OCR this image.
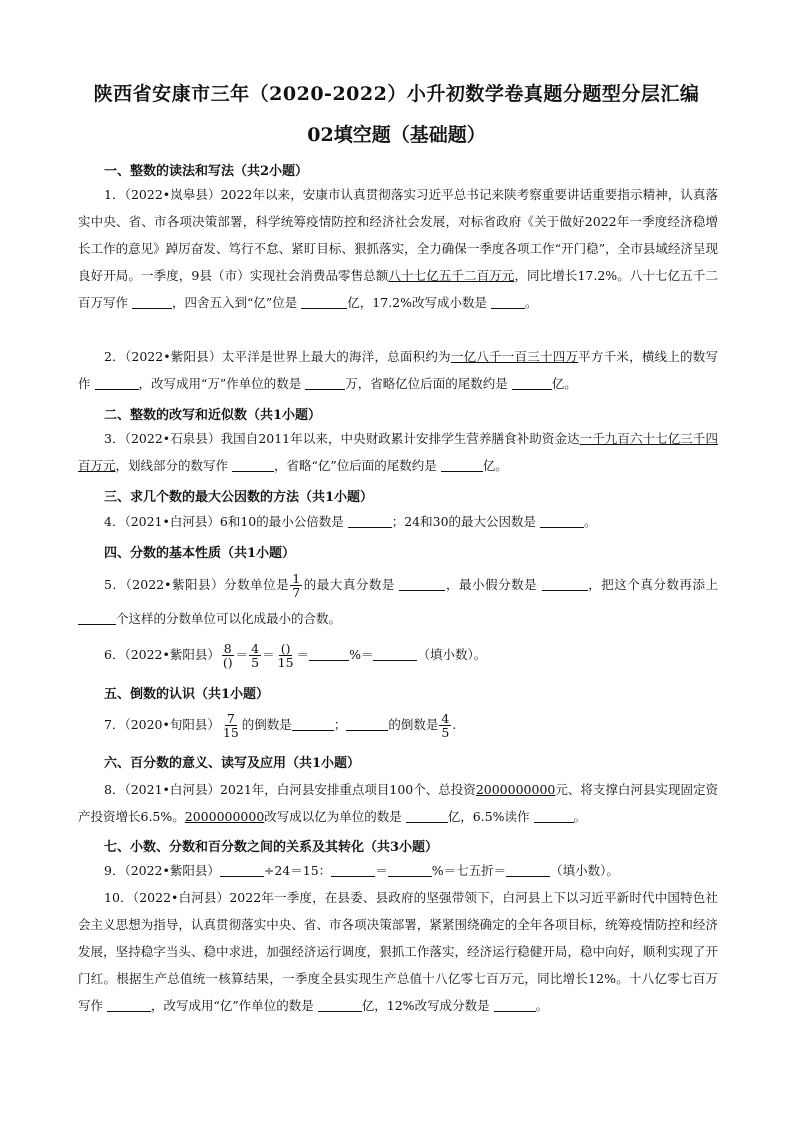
陕西省安康市三年（2020-2022）小升初数学卷真题分题型分层汇编
02填空题（基础题）
一、整数的读法和写法（共2小题）
1．（2022•岚皋县）2022年以来，安康市认真贯彻落实习近平总书记来陕考察重要讲话重要指示精神，认真落实中央、省、市各项决策部署，科学统筹疫情防控和经济社会发展，对标省政府《关于做好2022年一季度经济稳增长工作的意见》踔厉奋发、笃行不怠、紧盯目标、狠抓落实，全力确保一季度各项工作“开门稳”，全市县域经济呈现良好开局。一季度，9县（市）实现社会消费品零售总额八十七亿五千二百万元，同比增长17.2%。八十七亿五千二百万写作	，四舍五入到“亿”位是	亿，17.2%改写成小数是	。
2．（2022•紫阳县）太平洋是世界上最大的海洋，总面积约为一亿八千一百三十四万平方千米，横线上的数写作	，改写成用“万”作单位的数是	万，省略亿位后面的尾数约是	亿。
二、整数的改写和近似数（共1小题）
3．（2022•石泉县）我国自2011年以来，中央财政累计安排学生营养膳食补助资金达一千九百六十七亿三千四百万元，划线部分的数写作	，省略“亿”位后面的尾数约是	亿。
三、求几个数的最大公因数的方法（共1小题）
4．（2021•白河县）6和10的最小公倍数是	；24和30的最大公因数是	。
四、分数的基本性质（共1小题）
5．（2022•紫阳县）分数单位是 $\frac{1}{7}$ 的最大真分数是	，最小假分数是	，把这个真分数再添上 个这样的分数单位可以化成最小的合数。
6．（2022•紫阳县） $\frac{8}{()} = \frac{4}{5} = \frac{()}{15}$ ＝	%＝	（填小数）。
五、倒数的认识（共1小题）
7．（2020•旬阳县） $\frac{7}{15}$ 的倒数是	；	的倒数是 $\frac{4}{5}$ .
六、百分数的意义、读写及应用（共1小题）
8．（2021•白河县）2021年，白河县安排重点项目100个、总投资2000000000元、将支撑白河县实现固定资产投资增长6.5%。2000000000改写成以亿为单位的数是	亿，6.5%读作	。
七、小数、分数和百分数之间的关系及其转化（共3小题）
9．（2022•紫阳县）	÷24＝15：	＝	%＝七五折＝	（填小数）。
10．（2022•白河县）2022年一季度，在县委、县政府的坚强带领下，白河县上下以习近平新时代中国特色社会主义思想为指导，认真贯彻落实中央、省、市各项决策部署，紧紧围绕确定的全年各项目标，统筹疫情防控和经济发展，坚持稳字当头、稳中求进，加强经济运行调度，狠抓工作落实，经济运行稳健开局，稳中向好，顺利实现了开门红。根据生产总值统一核算结果，一季度全县实现生产总值十八亿零七百万元，同比增长12%。十八亿零七百万写作	，改写成用“亿”作单位的数是	亿，12%改写成分数是	。
